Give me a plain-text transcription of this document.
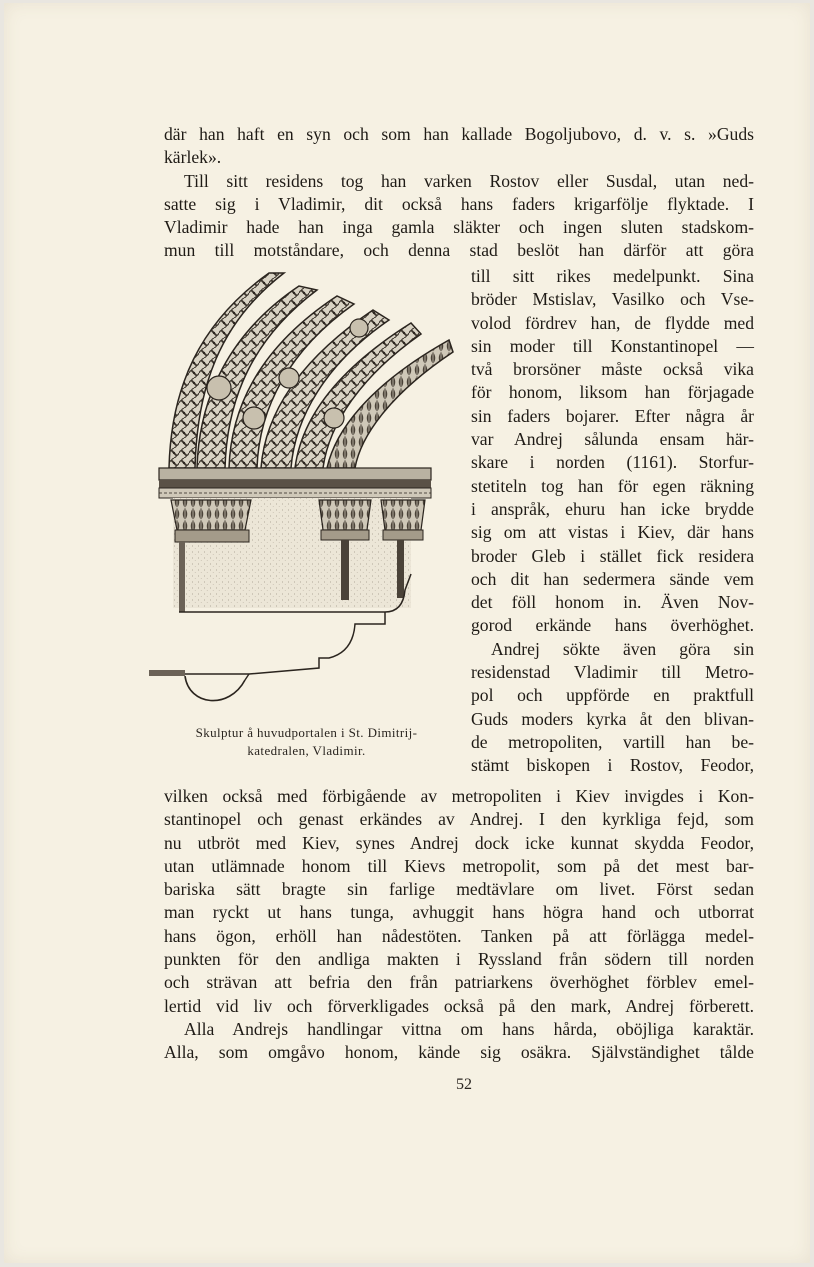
där han haft en syn och som han kallade Bogoljubovo, d. v. s. »Guds
kärlek».
Till sitt residens tog han varken Rostov eller Susdal, utan ned-
satte sig i Vladimir, dit också hans faders krigarfölje flyktade. I
Vladimir hade han inga gamla släkter och ingen sluten stadskom-
mun till motståndare, och denna stad beslöt han därför att göra
till sitt rikes medelpunkt. Sina
bröder Mstislav, Vasilko och Vse-
volod fördrev han, de flydde med
sin moder till Konstantinopel —
två brorsöner måste också vika
för honom, liksom han förjagade
sin faders bojarer. Efter några år
var Andrej sålunda ensam här-
skare i norden (1161). Storfur-
stetiteln tog han för egen räkning
i anspråk, ehuru han icke brydde
sig om att vistas i Kiev, där hans
broder Gleb i stället fick residera
och dit han sedermera sände vem
det föll honom in. Även Nov-
gorod erkände hans överhöghet.
Andrej sökte även göra sin
residenstad Vladimir till Metro-
pol och uppförde en praktfull
Guds moders kyrka åt den blivan-
de metropoliten, vartill han be-
stämt biskopen i Rostov, Feodor,
Skulptur å huvudportalen i St. Dimitrij-
katedralen, Vladimir.
vilken också med förbigående av metropoliten i Kiev invigdes i Kon-
stantinopel och genast erkändes av Andrej. I den kyrkliga fejd, som
nu utbröt med Kiev, synes Andrej dock icke kunnat skydda Feodor,
utan utlämnade honom till Kievs metropolit, som på det mest bar-
bariska sätt bragte sin farlige medtävlare om livet. Först sedan
man ryckt ut hans tunga, avhuggit hans högra hand och utborrat
hans ögon, erhöll han nådestöten. Tanken på att förlägga medel-
punkten för den andliga makten i Ryssland från södern till norden
och strävan att befria den från patriarkens överhöghet förblev emel-
lertid vid liv och förverkligades också på den mark, Andrej förberett.
Alla Andrejs handlingar vittna om hans hårda, oböjliga karaktär.
Alla, som omgåvo honom, kände sig osäkra. Självständighet tålde
52
